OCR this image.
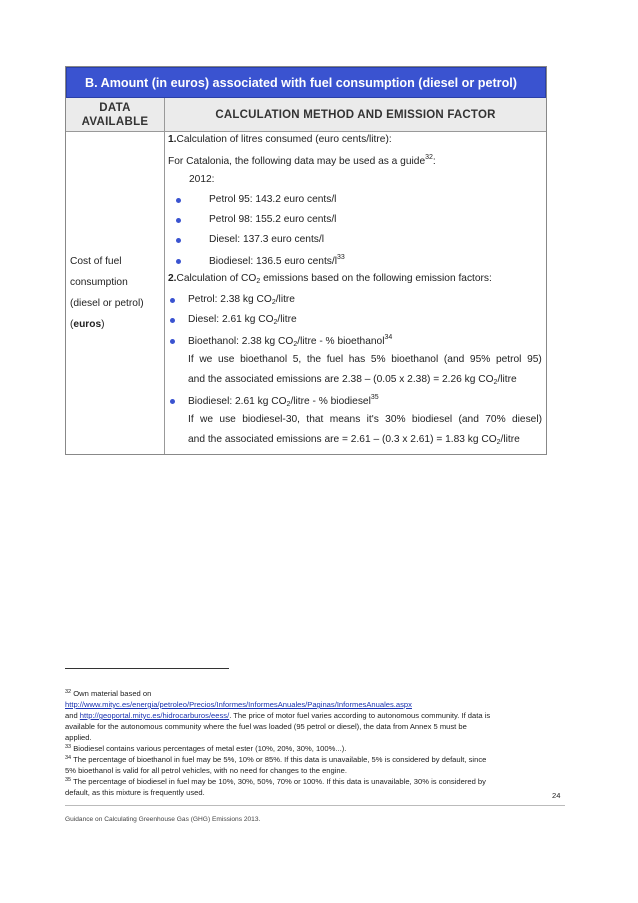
B. Amount (in euros) associated with fuel consumption (diesel or petrol)
DATA
AVAILABLE
CALCULATION METHOD AND EMISSION FACTOR
Cost of fuel
consumption
(diesel or petrol)
(euros)
1.Calculation of litres consumed (euro cents/litre):
For Catalonia, the following data may be used as a guide$^{32}$:
2012:
Petrol 95: 143.2 euro cents/l
Petrol 98: 155.2 euro cents/l
Diesel: 137.3 euro cents/l
Biodiesel: 136.5 euro cents/$l^{33}$
2.Calculation of $CO_2$ emissions based on the following emission factors:
Petrol: 2.38 kg $CO_2$/litre
Diesel: 2.61 kg $CO_2$/litre
Bioethanol: 2.38 kg $CO_2$/litre - % bioethanol$^{34}$
If we use bioethanol 5, the fuel has 5% bioethanol (and 95% petrol 95)
and the associated emissions are 2.38 – (0.05 x 2.38) = 2.26 kg $CO_2$/litre
Biodiesel: 2.61 kg $CO_2$/litre - % biodiesel$^{35}$
If we use biodiesel-30, that means it's 30% biodiesel (and 70% diesel)
and the associated emissions are = 2.61 – (0.3 x 2.61) = 1.83 kg $CO_2$/litre
$^{32}$ Own material based on
http://www.mityc.es/energia/petroleo/Precios/Informes/InformesAnuales/Paginas/InformesAnuales.aspx
and http://geoportal.mityc.es/hidrocarburos/eess/. The price of motor fuel varies according to autonomous community. If data is
available for the autonomous community where the fuel was loaded (95 petrol or diesel), the data from Annex 5 must be
applied.
$^{33}$ Biodiesel contains various percentages of metal ester (10%, 20%, 30%, 100%...).
$^{34}$ The percentage of bioethanol in fuel may be 5%, 10% or 85%. If this data is unavailable, 5% is considered by default, since
5% bioethanol is valid for all petrol vehicles, with no need for changes to the engine.
$^{35}$ The percentage of biodiesel in fuel may be 10%, 30%, 50%, 70% or 100%. If this data is unavailable, 30% is considered by
default, as this mixture is frequently used.	24
Guidance on Calculating Greenhouse Gas (GHG) Emissions 2013.
